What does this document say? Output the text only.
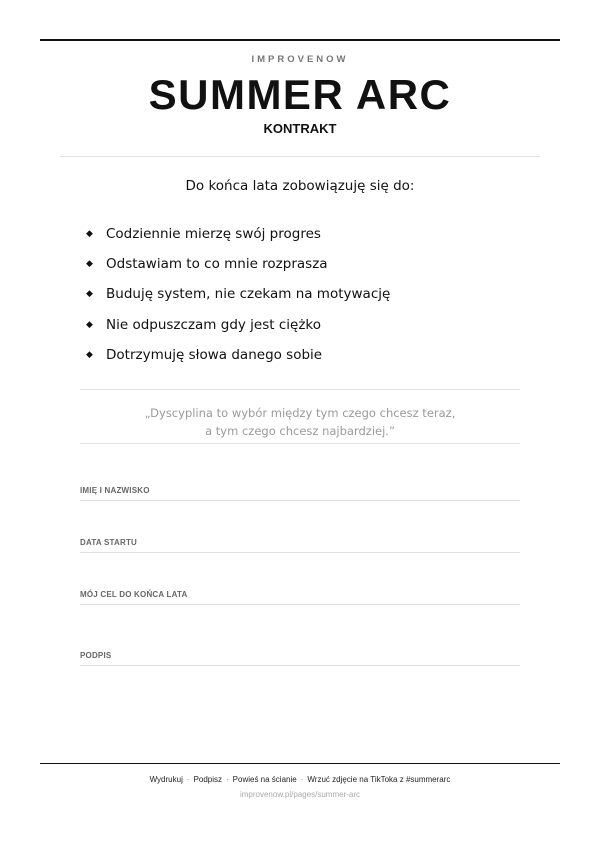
IMPROVENOW
SUMMER ARC
KONTRAKT
Do końca lata zobowiązuję się do:
◆ Codziennie mierzę swój progres
◆ Odstawiam to co mnie rozprasza
◆ Buduję system, nie czekam na motywację
◆ Nie odpuszczam gdy jest ciężko
◆ Dotrzymuję słowa danego sobie
„Dyscyplina to wybór między tym czego chcesz teraz,
a tym czego chcesz najbardziej.”
IMIĘ I NAZWISKO
DATA STARTU
MÓJ CEL DO KOŃCA LATA
PODPIS
Wydrukuj · Podpisz · Powieś na ścianie · Wrzuć zdjęcie na TikToka z #summerarc
improvenow.pl/pages/summer-arc
